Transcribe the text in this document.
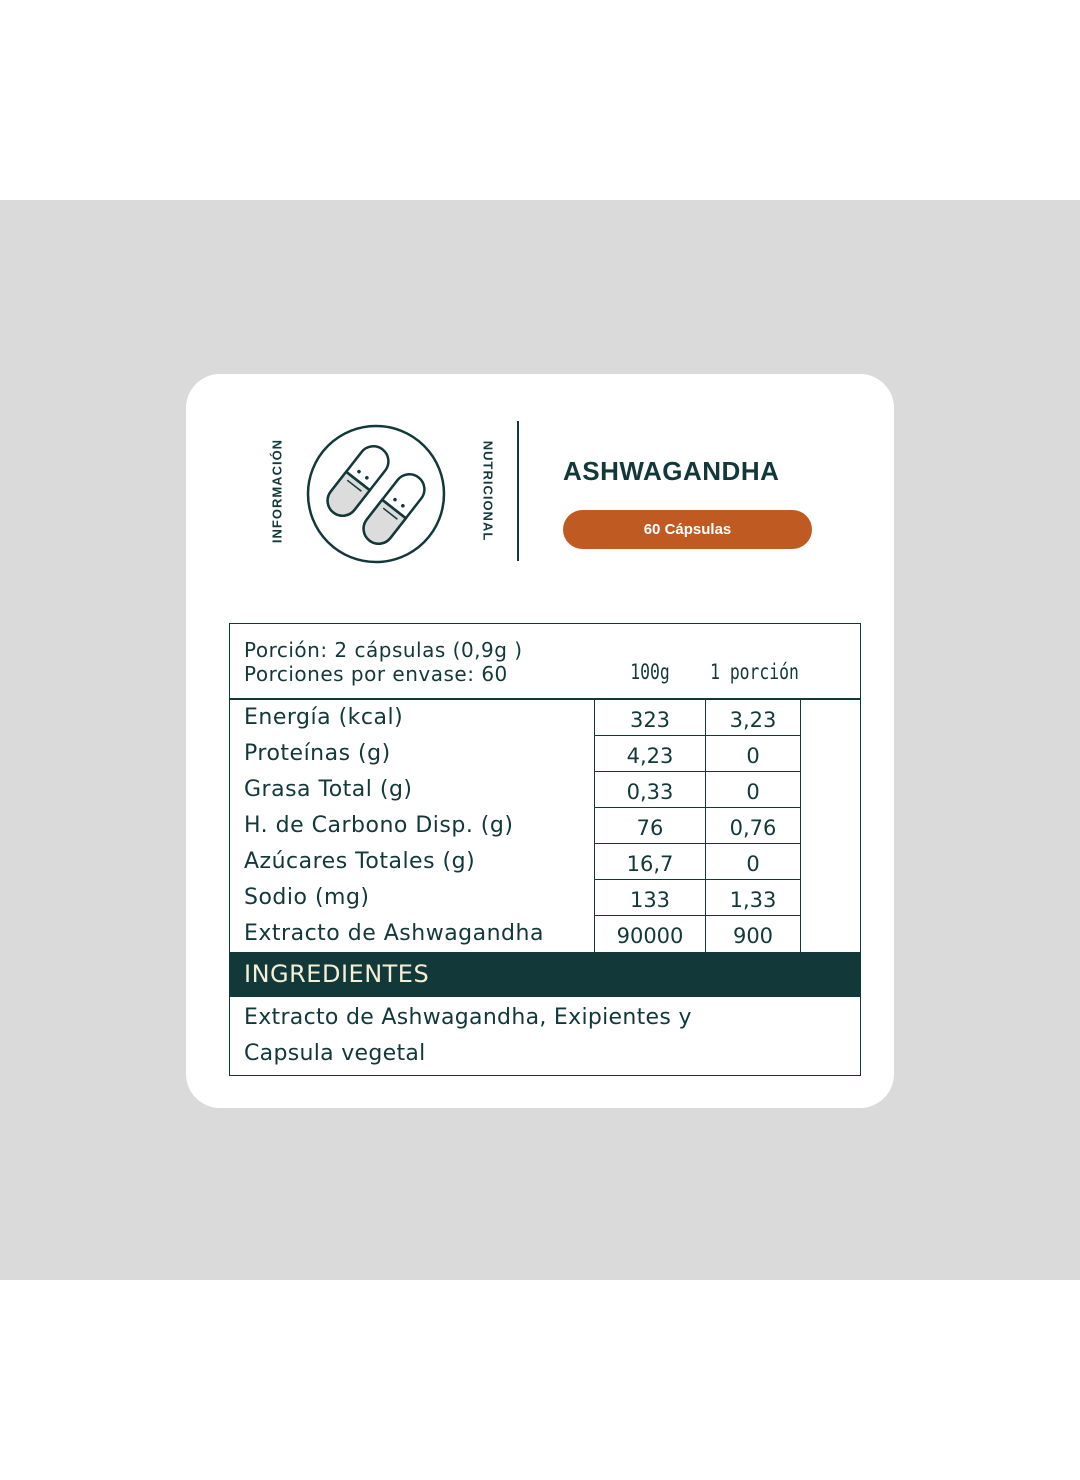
INFORMACIÓN	NUTRICIONAL	ASHWAGANDHA
60 Cápsulas
Porción: 2 cápsulas (0,9g )
Porciones por envase: 60	100g	1 porción
Energía (kcal)	323	3,23
Proteínas (g)	4,23	0
Grasa Total (g)	0,33	0
H. de Carbono Disp. (g)	76	0,76
Azúcares Totales (g)	16,7	0
Sodio (mg)	133	1,33
Extracto de Ashwagandha	90000	900
INGREDIENTES
Extracto de Ashwagandha, Exipientes y Capsula vegetal
